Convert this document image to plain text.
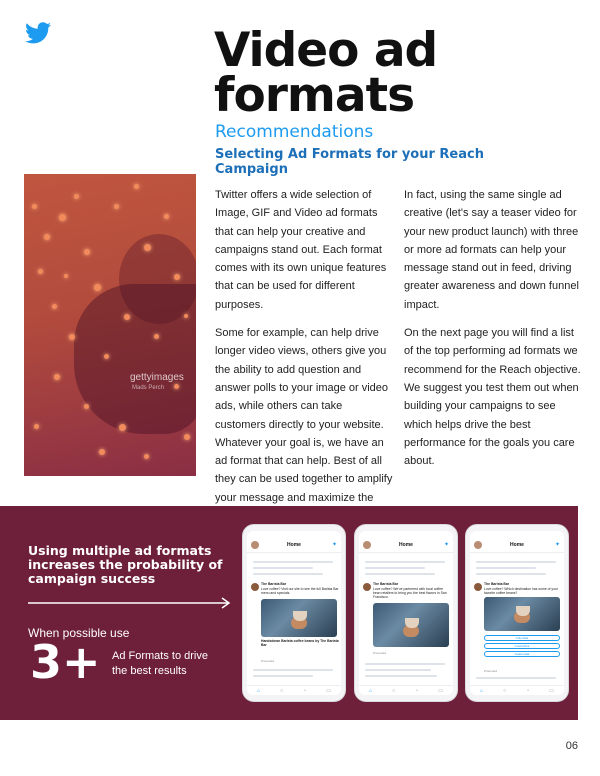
Video ad
formats
Recommendations
Selecting Ad Formats for your Reach Campaign
gettyimages
Mads Perch

Twitter offers a wide selection of Image, GIF and Video ad formats that can help your creative and campaigns stand out. Each format comes with its own unique features that can be used for different purposes.

Some for example, can help drive longer video views, others give you the ability to add question and answer polls to your image or video ads, while others can take customers directly to your website. Whatever your goal is, we have an ad format that can help. Best of all they can be used together to amplify your message and maximize the

In fact, using the same single ad creative (let's say a teaser video for your new product launch) with three or more ad formats can help your message stand out in feed, driving greater awareness and down funnel impact.

On the next page you will find a list of the top performing ad formats we recommend for the Reach objective. We suggest you test them out when building your campaigns to see which helps drive the best performance for the goals you care about.

Using multiple ad formats increases the probability of campaign success
When possible use
3+ Ad Formats to drive the best results
Home	✦
The Barista Bar
Love coffee? Visit our site to see the full Barista Bar menu and specials.
Handsdown Barista coffee beans by The Barista Bar
Promoted
⌂	○	◔	▭
Home	✦
The Barista Bar
Love coffee? We've partnered with local coffee bean retailers to bring you the best flavors in San Francisco.
Promoted
⌂	○	◔	▭
Home	✦
The Barista Bar
Love coffee? Which destination has some of your favorite coffee beans?
Colombia
Costa Rica
Guatemala
Promoted
⌂	○	◔	▭
06
